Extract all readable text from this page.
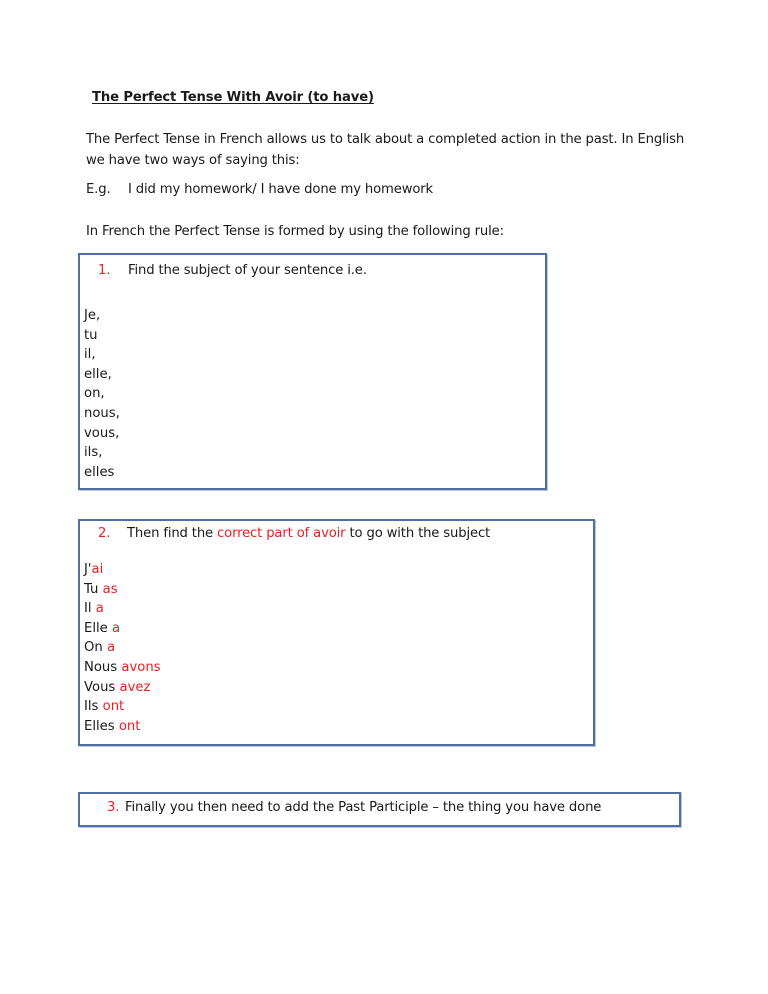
The Perfect Tense With Avoir (to have)
The Perfect Tense in French allows us to talk about a completed action in the past. In English we have two ways of saying this:
E.g. I did my homework/ I have done my homework
In French the Perfect Tense is formed by using the following rule:
1. Find the subject of your sentence i.e.
Je,
tu
il,
elle,
on,
nous,
vous,
ils,
elles
2. Then find the correct part of avoir to go with the subject
J'ai
Tu as
Il a
Elle a
On a
Nous avons
Vous avez
Ils ont
Elles ont
3. Finally you then need to add the Past Participle – the thing you have done
